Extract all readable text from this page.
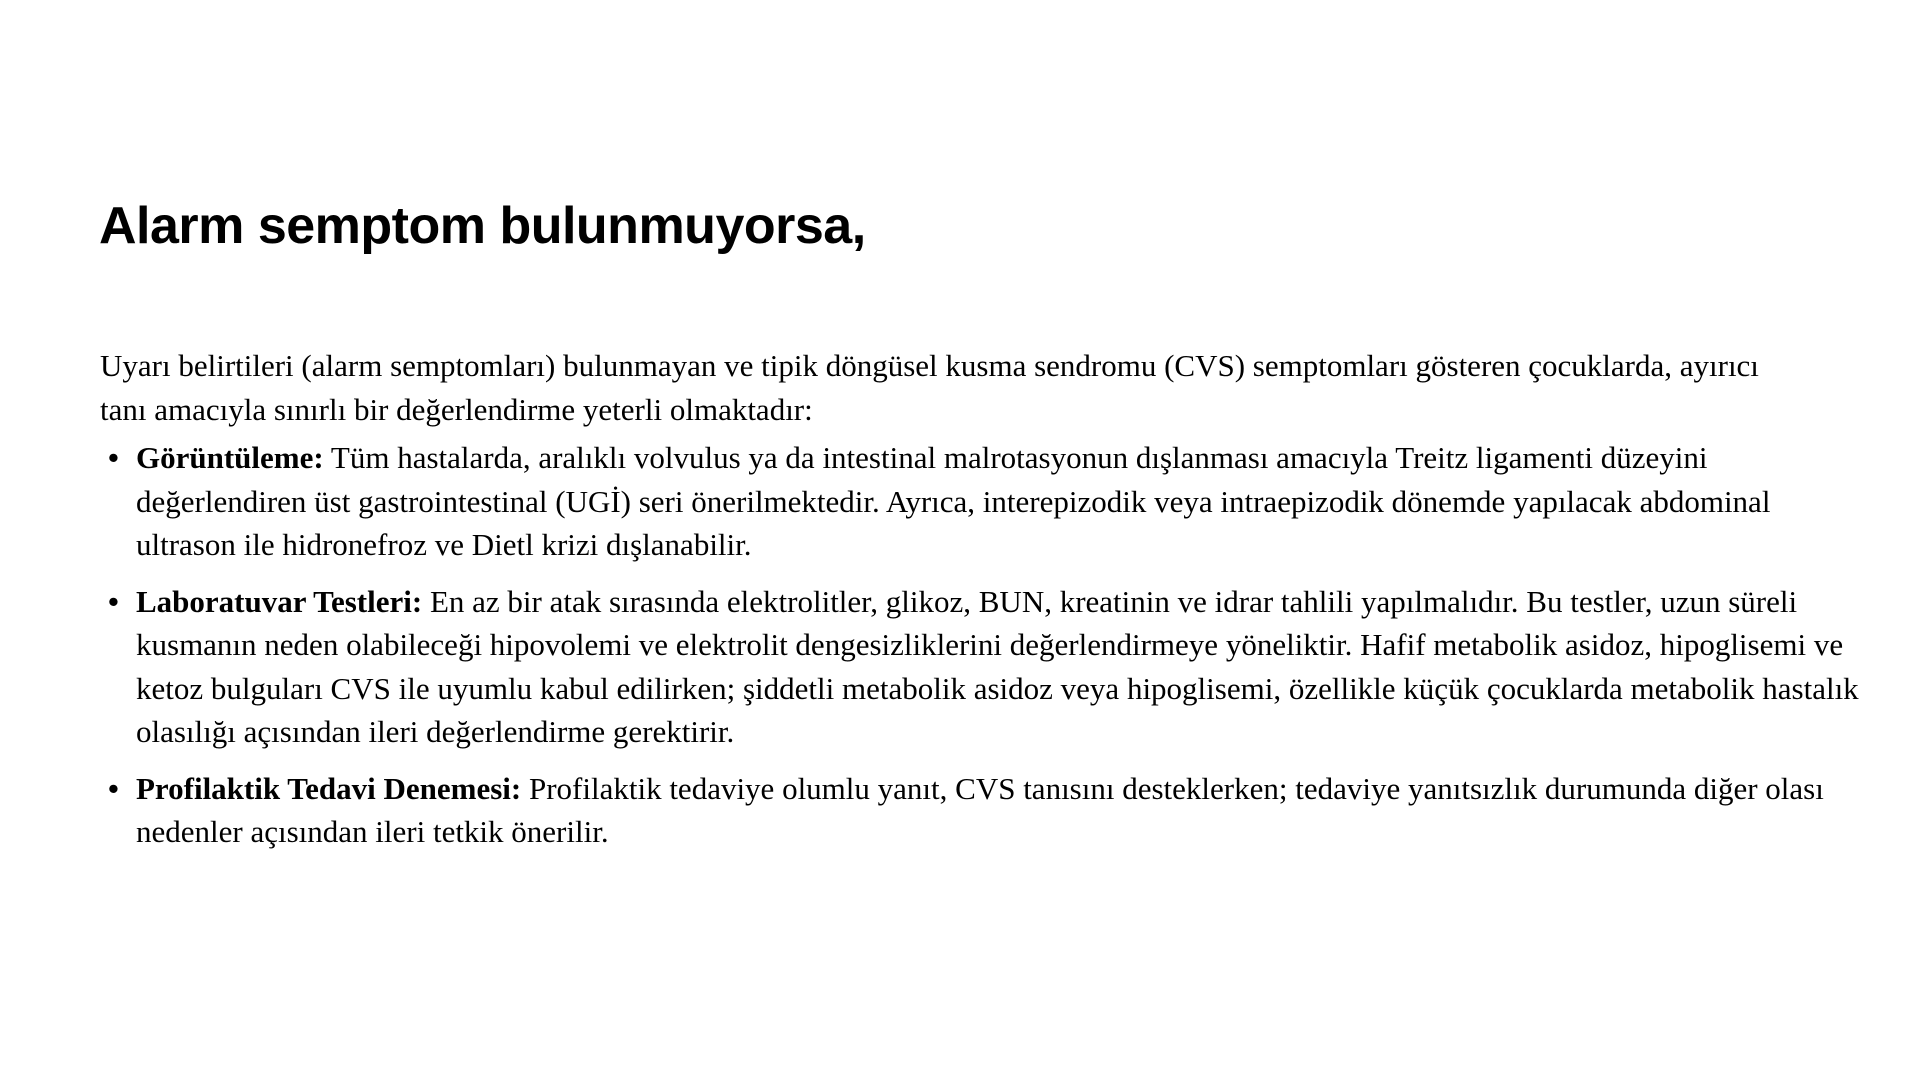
Alarm semptom bulunmuyorsa,

Uyarı belirtileri (alarm semptomları) bulunmayan ve tipik döngüsel kusma sendromu (CVS) semptomları gösteren çocuklarda, ayırıcı tanı amacıyla sınırlı bir değerlendirme yeterli olmaktadır:

• Görüntüleme: Tüm hastalarda, aralıklı volvulus ya da intestinal malrotasyonun dışlanması amacıyla Treitz ligamenti düzeyini değerlendiren üst gastrointestinal (UGİ) seri önerilmektedir. Ayrıca, interepizodik veya intraepizodik dönemde yapılacak abdominal ultrason ile hidronefroz ve Dietl krizi dışlanabilir.
• Laboratuvar Testleri: En az bir atak sırasında elektrolitler, glikoz, BUN, kreatinin ve idrar tahlili yapılmalıdır. Bu testler, uzun süreli kusmanın neden olabileceği hipovolemi ve elektrolit dengesizliklerini değerlendirmeye yöneliktir. Hafif metabolik asidoz, hipoglisemi ve ketoz bulguları CVS ile uyumlu kabul edilirken; şiddetli metabolik asidoz veya hipoglisemi, özellikle küçük çocuklarda metabolik hastalık olasılığı açısından ileri değerlendirme gerektirir.
• Profilaktik Tedavi Denemesi: Profilaktik tedaviye olumlu yanıt, CVS tanısını desteklerken; tedaviye yanıtsızlık durumunda diğer olası nedenler açısından ileri tetkik önerilir.
